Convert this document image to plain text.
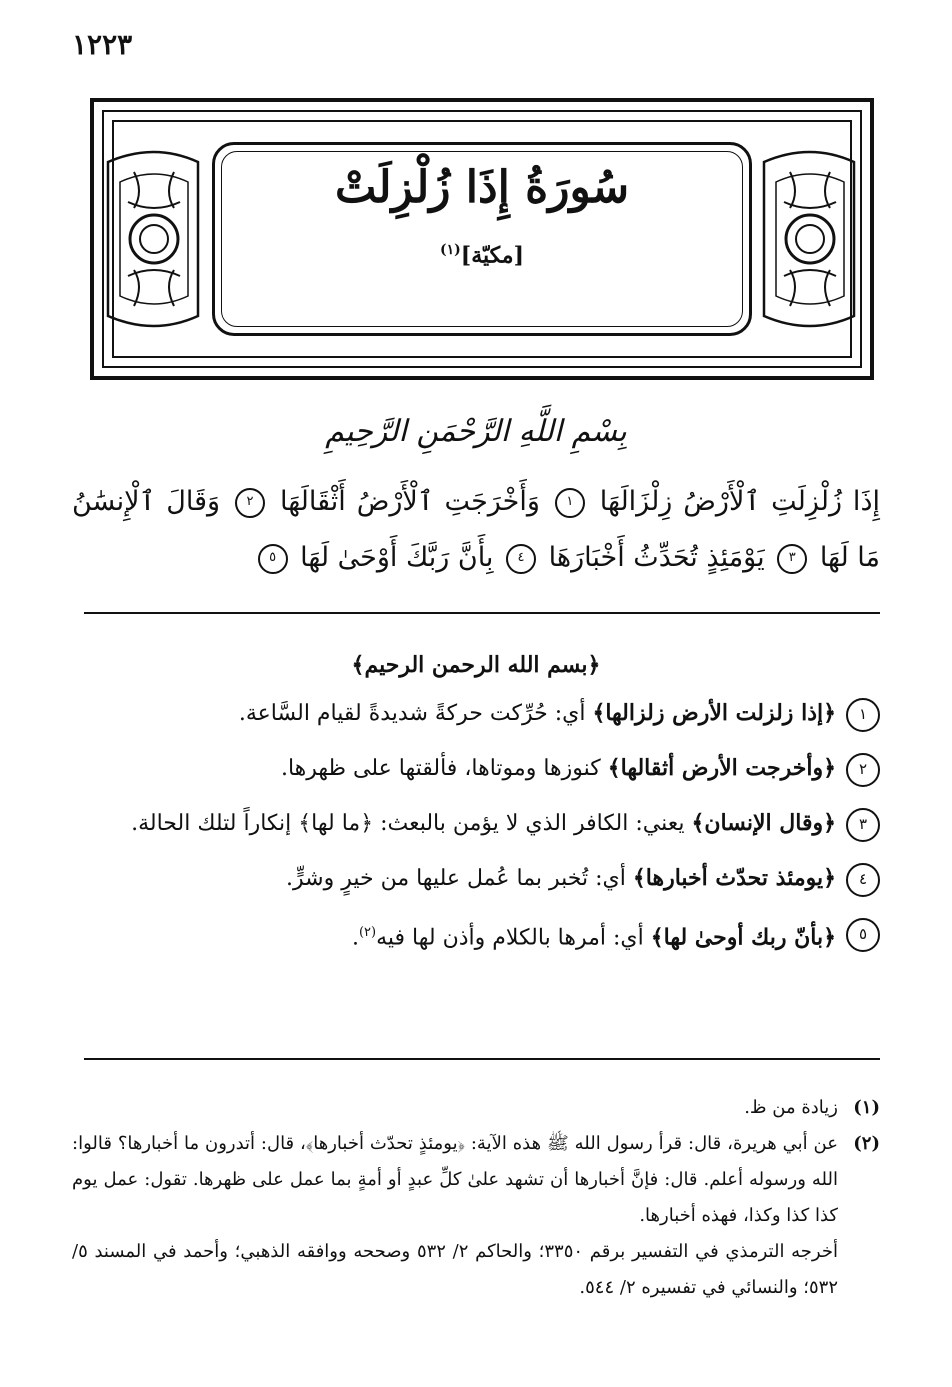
١٢٢٣
سُورَةُ إِذَا زُلْزِلَتْ
[مكيّة]$^{(١)}$
بِسْمِ اللَّهِ الرَّحْمَنِ الرَّحِيمِ
إِذَا زُلْزِلَتِ ٱلْأَرْضُ زِلْزَالَهَا ١ وَأَخْرَجَتِ ٱلْأَرْضُ أَثْقَالَهَا ٢ وَقَالَ ٱلْإِنسَٰنُ مَا لَهَا ٣ يَوْمَئِذٍ تُحَدِّثُ أَخْبَارَهَا ٤ بِأَنَّ رَبَّكَ أَوْحَىٰ لَهَا ٥
﴿بسم الله الرحمن الرحيم﴾
١
﴿إذا زلزلت الأرض زلزالها﴾ أي: حُرِّكت حركةً شديدةً لقيام السَّاعة.
٢
﴿وأخرجت الأرض أثقالها﴾ كنوزها وموتاها، فألقتها على ظهرها.
٣
﴿وقال الإنسان﴾ يعني: الكافر الذي لا يؤمن بالبعث: ﴿ما لها﴾ إنكاراً لتلك الحالة.
٤
﴿يومئذ تحدّث أخبارها﴾ أي: تُخبر بما عُمل عليها من خيرٍ وشرٍّ.
٥
﴿بأنّ ربك أوحىٰ لها﴾ أي: أمرها بالكلام وأذن لها فيه$^{(٢)}$.
(١)
زيادة من ظ.
(٢)
عن أبي هريرة، قال: قرأ رسول الله ﷺ هذه الآية: ﴿يومئذٍ تحدّث أخبارها﴾، قال: أتدرون ما أخبارها؟ قالوا: الله ورسوله أعلم. قال: فإنَّ أخبارها أن تشهد علىٰ كلِّ عبدٍ أو أمةٍ بما عمل على ظهرها. تقول: عمل يوم كذا كذا وكذا، فهذه أخبارها.
أخرجه الترمذي في التفسير برقم ٣٣٥٠؛ والحاكم ٢/ ٥٣٢ وصححه ووافقه الذهبي؛ وأحمد في المسند ٥/ ٥٣٢؛ والنسائي في تفسيره ٢/ ٥٤٤.
